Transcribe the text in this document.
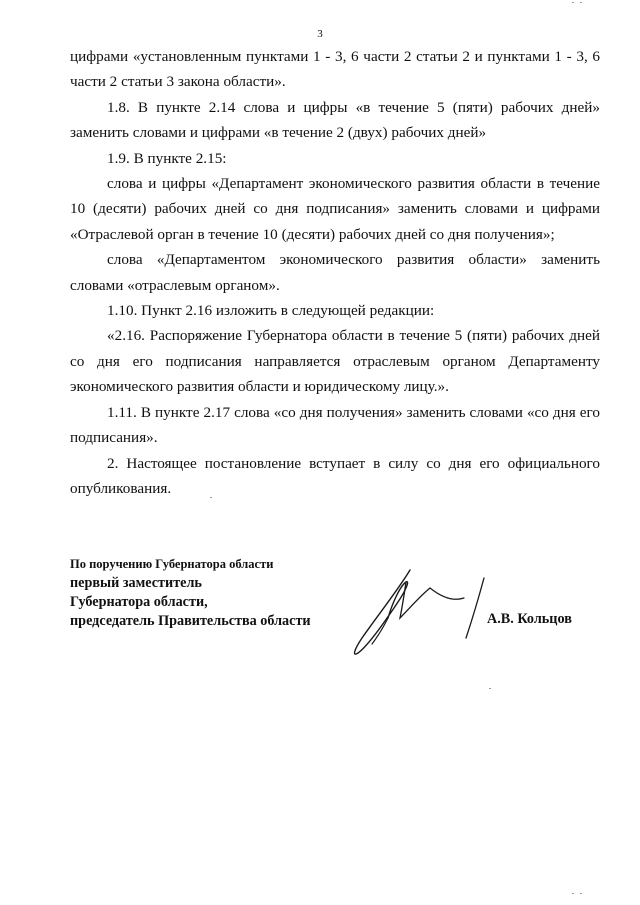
3

цифрами «установленным пунктами 1 - 3, 6 части 2 статьи 2 и пунктами 1 - 3, 6 части 2 статьи 3 закона области».

1.8. В пункте 2.14 слова и цифры «в течение 5 (пяти) рабочих дней» заменить словами и цифрами «в течение 2 (двух) рабочих дней»

1.9. В пункте 2.15:

слова и цифры «Департамент экономического развития области в течение 10 (десяти) рабочих дней со дня подписания» заменить словами и цифрами «Отраслевой орган в течение 10 (десяти) рабочих дней со дня получения»;

слова «Департаментом экономического развития области» заменить словами «отраслевым органом».

1.10. Пункт 2.16 изложить в следующей редакции:

«2.16. Распоряжение Губернатора области в течение 5 (пяти) рабочих дней со дня его подписания направляется отраслевым органом Департаменту экономического развития области и юридическому лицу.».

1.11. В пункте 2.17 слова «со дня получения» заменить словами «со дня его подписания».

2. Настоящее постановление вступает в силу со дня его официального опубликования.

По поручению Губернатора области
первый заместитель
Губернатора области,
председатель Правительства области	А.В. Кольцов
